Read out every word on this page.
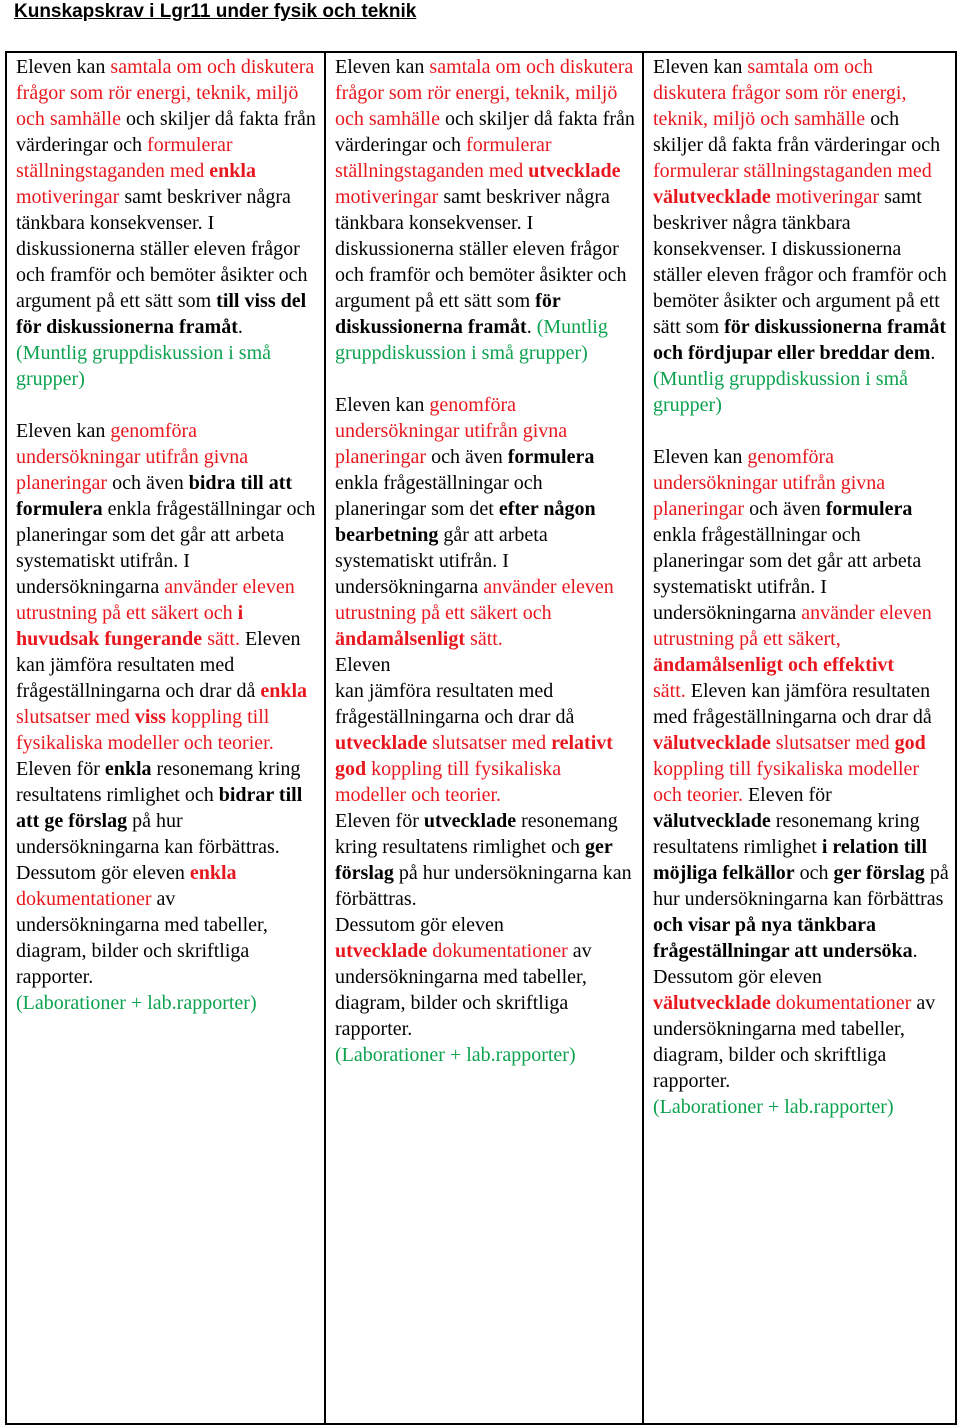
Kunskapskrav i Lgr11 under fysik och teknik

Eleven kan samtala om och diskutera frågor som rör energi, teknik, miljö och samhälle och skiljer då fakta från värderingar och formulerar ställningstaganden med enkla motiveringar samt beskriver några tänkbara konsekvenser. I diskussionerna ställer eleven frågor och framför och bemöter åsikter och argument på ett sätt som till viss del för diskussionerna framåt. (Muntlig gruppdiskussion i små grupper)

Eleven kan genomföra undersökningar utifrån givna planeringar och även bidra till att formulera enkla frågeställningar och planeringar som det går att arbeta systematiskt utifrån. I undersökningarna använder eleven utrustning på ett säkert och i huvudsak fungerande sätt. Eleven kan jämföra resultaten med frågeställningarna och drar då enkla slutsatser med viss koppling till fysikaliska modeller och teorier. Eleven för enkla resonemang kring resultatens rimlighet och bidrar till att ge förslag på hur undersökningarna kan förbättras.
Dessutom gör eleven enkla dokumentationer av undersökningarna med tabeller, diagram, bilder och skriftliga rapporter.
(Laborationer + lab.rapporter)

Eleven kan samtala om och diskutera frågor som rör energi, teknik, miljö och samhälle och skiljer då fakta från värderingar och formulerar ställningstaganden med utvecklade motiveringar samt beskriver några tänkbara konsekvenser. I diskussionerna ställer eleven frågor och framför och bemöter åsikter och argument på ett sätt som för diskussionerna framåt. (Muntlig gruppdiskussion i små grupper)

Eleven kan genomföra undersökningar utifrån givna planeringar och även formulera enkla frågeställningar och planeringar som det efter någon bearbetning går att arbeta systematiskt utifrån. I undersökningarna använder eleven utrustning på ett säkert och ändamålsenligt sätt.
Eleven
kan jämföra resultaten med frågeställningarna och drar då utvecklade slutsatser med relativt god koppling till fysikaliska modeller och teorier.
Eleven för utvecklade resonemang kring resultatens rimlighet och ger förslag på hur undersökningarna kan förbättras.
Dessutom gör eleven
utvecklade dokumentationer av undersökningarna med tabeller, diagram, bilder och skriftliga rapporter.
(Laborationer + lab.rapporter)

Eleven kan samtala om och diskutera frågor som rör energi, teknik, miljö och samhälle och skiljer då fakta från värderingar och formulerar ställningstaganden med
välutvecklade motiveringar samt beskriver några tänkbara konsekvenser. I diskussionerna ställer eleven frågor och framför och bemöter åsikter och argument på ett sätt som för diskussionerna framåt och fördjupar eller breddar dem. (Muntlig gruppdiskussion i små grupper)

Eleven kan genomföra undersökningar utifrån givna planeringar och även formulera enkla frågeställningar och planeringar som det går att arbeta systematiskt utifrån. I undersökningarna använder eleven utrustning på ett säkert,
ändamålsenligt och effektivt
sätt. Eleven kan jämföra resultaten med frågeställningarna och drar då välutvecklade slutsatser med god koppling till fysikaliska modeller och teorier. Eleven för välutvecklade resonemang kring resultatens rimlighet i relation till möjliga felkällor och ger förslag på hur undersökningarna kan förbättras och visar på nya tänkbara frågeställningar att undersöka.
Dessutom gör eleven
välutvecklade dokumentationer av undersökningarna med tabeller, diagram, bilder och skriftliga rapporter.
(Laborationer + lab.rapporter)
